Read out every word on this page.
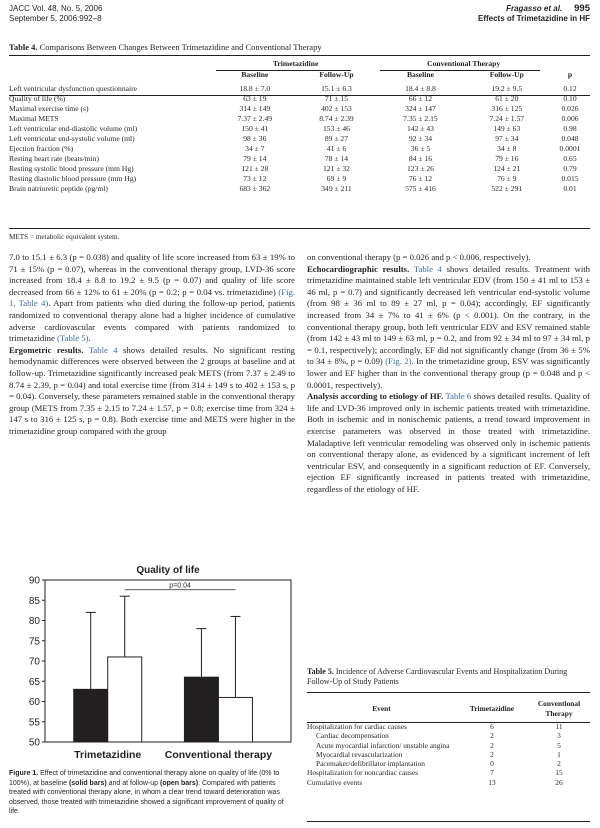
JACC Vol. 48, No. 5, 2006
September 5, 2006:992–8
Fragasso et al. 995
Effects of Trimetazidine in HF
Table 4. Comparisons Between Changes Between Trimetazidine and Conventional Therapy
	Trimetazidine		Conventional Therapy		
	Baseline	Follow-Up	Baseline	Follow-Up	p

Left ventricular dysfunction questionnaire	18.8 ± 7.0	15.1 ± 6.3	18.4 ± 8.8	19.2 ± 9.5	0.12
Quality of life (%)	63 ± 19	71 ± 15	66 ± 12	61 ± 20	0.10
Maximal exercise time (s)	314 ± 149	402 ± 153	324 ± 147	316 ± 125	0.026
Maximal METS	7.37 ± 2.49	8.74 ± 2.39	7.35 ± 2.15	7.24 ± 1.57	0.006
Left ventricular end-diastolic volume (ml)	150 ± 41	153 ± 46	142 ± 43	149 ± 63	0.98
Left ventricular end-systolic volume (ml)	98 ± 36	89 ± 27	92 ± 34	97 ± 34	0.048
Ejection fraction (%)	34 ± 7	41 ± 6	36 ± 5	34 ± 8	0.0001
Resting heart rate (beats/min)	79 ± 14	78 ± 14	84 ± 16	79 ± 16	0.65
Resting systolic blood pressure (mm Hg)	121 ± 28	121 ± 32	123 ± 26	124 ± 21	0.79
Resting diastolic blood pressure (mm Hg)	73 ± 12	69 ± 9	76 ± 12	76 ± 9	0.015
Brain natriuretic peptide (pg/ml)	683 ± 362	349 ± 211	575 ± 416	522 ± 291	0.01
METS = metabolic equivalent system.

7.0 to 15.1 ± 6.3 (p = 0.038) and quality of life score increased from 63 ± 19% to 71 ± 15% (p = 0.07), whereas in the conventional therapy group, LVD-36 score increased from 18.4 ± 8.8 to 19.2 ± 9.5 (p = 0.07) and quality of life score decreased from 66 ± 12% to 61 ± 20% (p = 0.2; p = 0.04 vs. trimetazidine) (Fig. 1, Table 4). Apart from patients who died during the follow-up period, patients randomized to conventional therapy alone had a higher incidence of cumulative adverse cardiovascular events compared with patients randomized to trimetazidine (Table 5).

Ergometric results. Table 4 shows detailed results. No significant resting hemodynamic differences were observed between the 2 groups at baseline and at follow-up. Trimetazidine significantly increased peak METS (from 7.37 ± 2.49 to 8.74 ± 2.39, p = 0.04) and total exercise time (from 314 ± 149 s to 402 ± 153 s, p = 0.04). Conversely, these parameters remained stable in the conventional therapy group (METS from 7.35 ± 2.15 to 7.24 ± 1.57, p = 0.8; exercise time from 324 ± 147 s to 316 ± 125 s, p = 0.8). Both exercise time and METS were higher in the trimetazidine group compared with the group

on conventional therapy (p = 0.026 and p < 0.006, respectively).

Echocardiographic results. Table 4 shows detailed results. Treatment with trimetazidine maintained stable left ventricular EDV (from 150 ± 41 ml to 153 ± 46 ml, p = 0.7) and significantly decreased left ventricular end-systolic volume (from 98 ± 36 ml to 89 ± 27 ml, p = 0.04); accordingly, EF significantly increased from 34 ± 7% to 41 ± 6% (p < 0.001). On the contrary, in the conventional therapy group, both left ventricular EDV and ESV remained stable (from 142 ± 43 ml to 149 ± 63 ml, p = 0.2, and from 92 ± 34 ml to 97 ± 34 ml, p = 0.1, respectively); accordingly, EF did not significantly change (from 36 ± 5% to 34 ± 8%, p = 0.09) (Fig. 2). In the trimetazidine group, ESV was significantly lower and EF higher than in the conventional therapy group (p = 0.048 and p < 0.0001, respectively).

Analysis according to etiology of HF. Table 6 shows detailed results. Quality of life and LVD-36 improved only in ischemic patients treated with trimetazidine. Both in ischemic and in nonischemic patients, a trend toward improvement in exercise parameters was observed in those treated with trimetazidine. Maladaptive left ventricular remodeling was observed only in ischemic patients on conventional therapy alone, as evidenced by a significant increment of left ventricular ESV, and consequently in a significant reduction of EF. Conversely, ejection EF significantly increased in patients treated with trimetazidine, regardless of the etiology of HF.

50
55
60
65
70
75
80
85
90
Quality of life
Trimetazidine Conventional therapy
p=0.04
Figure 1. Effect of trimetazidine and conventional therapy alone on quality of life (0% to 100%), at baseline (solid bars) and at follow-up (open bars). Compared with patients treated with conventional therapy alone, in whom a clear trend toward deterioration was observed, those treated with trimetazidine showed a significant improvement of quality of life.
Table 5. Incidence of Adverse Cardiovascular Events and Hospitalization During Follow-Up of Study Patients
Event	Trimetazidine	Conventional Therapy
Hospitalization for cardiac causes	6	11
Cardiac decompensation	2	3
Acute myocardial infarction/ unstable angina	2	5
Myocardial revascularization	2	1
Pacemaker/defibrillator implantation	0	2
Hospitalization for noncardiac causes	7	15
Cumulative events	13	26
